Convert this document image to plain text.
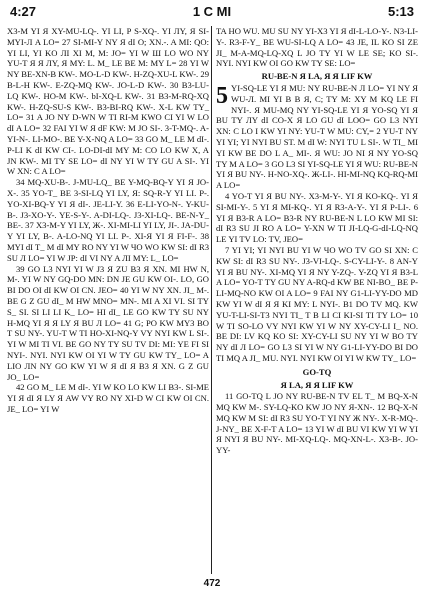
4:27	1 C MI	5:13

X3-M YI Я XY-MU-LQ-. YI LI, P S-XQ-. YI ЛY, Я SI-MYI-Л A LO= 27 SI-MI-Y NY Я dI O; XN.-. A MI: QO: YI LI, YI KO ЛI XI M, M: JO= YI W Ш LO WO NY YU-T Я Я ЛY, Я MY: L. M_ LE BE M: MY L= 28 YI W NY BE-XN-B KW-. MO-L-D KW-. H-ZQ-XU-L KW-. 29 B-L-H KW-. E-ZQ-MQ KW-. JO-L-D KW-. 30 B3-LU-LQ KW-. HO-M KW-. bI-XQ-L KW-. 31 B3-M-RQ-XQ KW-. H-ZQ-SU-S KW-. B3-BI-RQ KW-. X-L KW TY_ LO= 31 A JO NY D-WN W TI RI-M KWO CI YI W LO dI A LO= 32 FAI YI W Я dF KW: M JO SI-. 3-T-MQ-. A-YI-N-. LI-MO-. BE Y-X-NQ A LO= 33 GO M_ LE M dI-. P-LI K dI KW CI-. LO-DI-dI MY M: CO LO KW X, A JN KW-. MI TY SE LO= dI NY YI W TY GU A SI-. YI W XN: C A LO=

34 MQ-XU-B-. J-MU-LQ_ BE Y-MQ-BQ-Y YI Я JO-X-. 35 YO-T_ BE 3-SI-LQ YI LY, Я: SQ-R-Y YI LI. P-. YO-XI-BQ-Y YI Я dI-. JE-LI-Y. 36 E-LI-YO-N-. Y-KU-B-. J3-XO-Y-. YE-S-Y-. A-DI-LQ-. J3-XI-LQ-. BE-N-Y_ BE-. 37 X3-M-Y YI LY, Ж-. XI-MI-LI YI LY, JI-. JA-DU-Y YI LY, B-. A-LO-NQ YI LI. P-. XI-Я YI Я FI-F-. 38 MYI dI T_ M dI MY RO NY YI W ЧO WO KW SI: dI R3 SU Л LO= YI W JP: dI VI NY A ЛI MY: L_ LO=

39 GO L3 NYI YI W J3 Я ZU B3 Я XN. MI HW N, M-. YI W NY GQ-DO MN: DN JE GU KW OI-. LO, GO BI DO OI dI KW OI CN. JEO= 40 YI W NY XN. JI_ M-. BE G Z GU dI_ M HW MNO= MN-. MI A XI VI. SI TY S_ SI. SI LI LI K_ LO= HI dI_ LE GO KW TY SU NY H-MQ YI Я Я LY Я BU Л LO= 41 G; PO KW MY3 BO T SU NY-. YU-T W TI HO-XI-NQ-Y VY NYI KW L SI-. YI W MI TI VI. BE GO NY TY SU TV DI: MI: YE FI SI NYI-. NYI. NYI KW OI YI W TY GU KW TY_ LO= A LIO ЛN NY GO KW YI W Я dI Я B3 Я XN. G Z GU JO_ LO=

42 GO M_ LE M dI-. YI W KO LO KW LI B3-. SI-ME YI Я dI Я LY Я AW VY RO NY XI-D W CI KW OI CN. JE_ LO= YI W

TA HO WU. MU SU NY YI-X3 YI Я dI-L-LO-Y-. N3-LI-Y-. R3-F-Y_ BE WU-SI-LQ A LO= 43 JE, IL KO SI ZE JI_ M-A-MQ-LQ-XQ L JO TY YI W LE SE; KO SI-. NYI. NYI KW OI GO KW TY SE: LO=

RU-BE-N Я LA, Я Я LIF KW

5 YI-SQ-LE YI Я MU: NY RU-BE-N Л LO= YI NY Я WU-Л. MI YI B B Я, C; TY M: XY M KQ LE FI NYI-. Я MU-MQ NY YI-SQ-LE YI Я YO-SQ YI Я BU TY ЛY dI CO-X Я LO GU dI LOO= GO L3 NYI XN: C LO I KW YI NY: YU-T W MU: CY,= 2 YU-T NY YI YI; YI NYI BU ST. M dI W: NYI TU L SI-. W TI_ MI YI KW BE DO L A_ MI-. Я WU: JO NI Я NY YO-SQ TY M A LO= 3 GO L3 SI YI-SQ-LE YI Я WU: RU-BE-N YI Я BU NY-. H-NO-XQ-. Ж-LI-. HI-MI-NQ KQ-RQ-MI A LO=

4 YO-T YI Я BU NY-. X3-M-Y-. YI Я KO-KQ-. YI Я SI-MI-Y-. 5 YI Я MI-KQ-. YI Я R3-A-Y-. YI Я P-LI-. 6 YI Я B3-R A LO= B3-R NY RU-BE-N L LO KW MI SI: dI R3 SU JI RO A LO= Y-XN W TI JI-LQ-G-dI-LQ-NQ LE YI TV LO: TV, JEO=

7 YI YI; YI NYI BU YI W ЧO WO TV GO SI XN: C KW SI: dI R3 SU NY-. J3-VI-LQ-. S-CY-LI-Y-. 8 AN-Y YI Я BU NY-. XI-MQ YI Я NY Y-ZQ-. Y-ZQ YI Я B3-L A LO= YO-T TY GU NY A-RQ-d KW BE NI-BO_ BE P-LI-MQ-NO KW OI A LO= 9 FAI NY G1-LI-YY-DO MD KW YI W dI Я Я KI MY: L NYI-. B1 DO TV MQ. KW YU-T-LI-SI-T3 NYI TI_ T B LI CI KI-SI TI TY LO= 10 W TI SO-LO VY NYI KW YI W NY XY-CY-LI I_ NO. BE DI: LV KQ KO SI: XY-CY-LI SU NY YI W BO TY NY dI Л LO= GO L3 SI YI W NY G1-LI-YY-DO BI DO TI MQ A JI_ MU. NYI. NYI KW OI YI W KW TY_ LO=

GO-TQ
Я LA, Я Я LIF KW

11 GO-TQ L JO NY RU-BE-N TV EL T_ M BQ-X-N MQ KW M-. SY-LQ-KO KW JO NY Я-XN-. 12 BQ-X-N MQ KW M SI: dI R3 SU YO-T YI NY Ж NY-. X-R-MQ-. J-NY_ BE X-F-T A LO= 13 YI W dI BU VI KW YI W YI Я NYI Я BU NY-. MI-XQ-LQ-. MQ-XN-L-. X3-B-. JO-YY-

472
